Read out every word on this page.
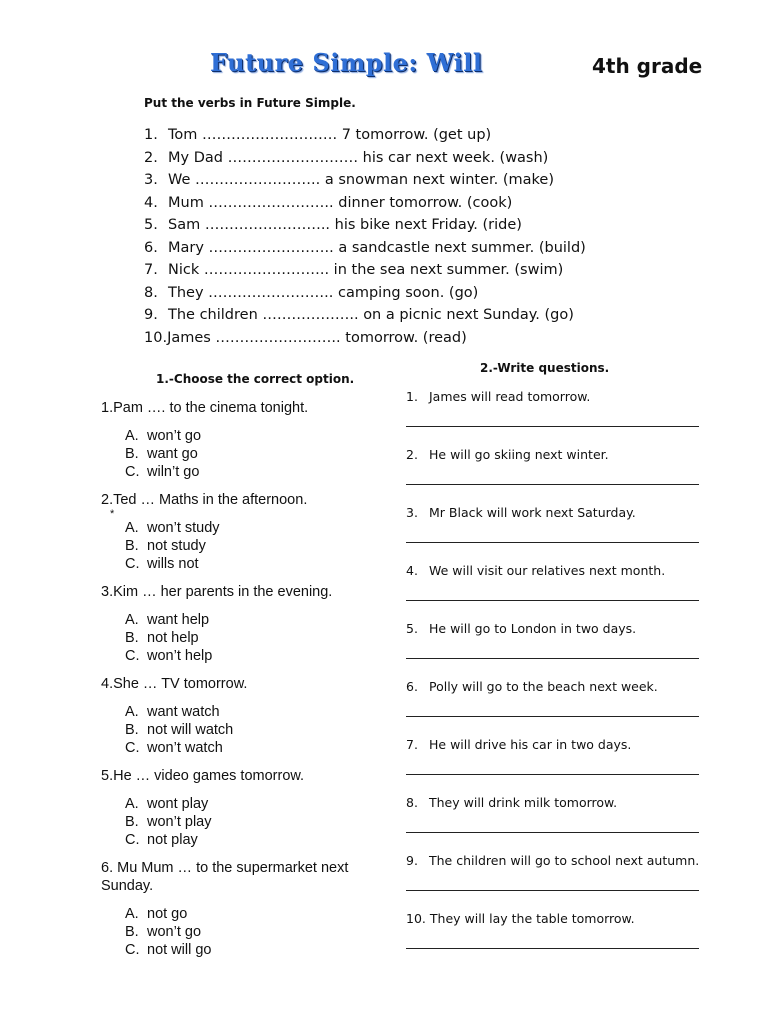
Future Simple: Will	4th grade
Put the verbs in Future Simple.
1. Tom ………………………. 7 tomorrow. (get up)
2. My Dad ……………………… his car next week. (wash)
3. We …………………….. a snowman next winter. (make)
4. Mum …………………….. dinner tomorrow. (cook)
5. Sam …………………….. his bike next Friday. (ride)
6. Mary …………………….. a sandcastle next summer. (build)
7. Nick …………………….. in the sea next summer. (swim)
8. They …………………….. camping soon. (go)
9. The children ……………….. on a picnic next Sunday. (go)
10.James …………………….. tomorrow. (read)
1.-Choose the correct option.
2.-Write questions.
1.Pam …. to the cinema tonight.
A. won’t go
B. want go
C. wiln’t go
2.Ted … Maths in the afternoon.
A. won’t study
B. not study
C. wills not
*
3.Kim … her parents in the evening.
A. want help
B. not help
C. won’t help
4.She … TV tomorrow.
A. want watch
B. not will watch
C. won’t watch
5.He … video games tomorrow.
A. wont play
B. won’t play
C. not play
6. Mu Mum … to the supermarket next Sunday.
A. not go
B. won’t go
C. not will go
1. James will read tomorrow.
2. He will go skiing next winter.
3. Mr Black will work next Saturday.
4. We will visit our relatives next month.
5. He will go to London in two days.
6. Polly will go to the beach next week.
7. He will drive his car in two days.
8. They will drink milk tomorrow.
9. The children will go to school next autumn.
10. They will lay the table tomorrow.
